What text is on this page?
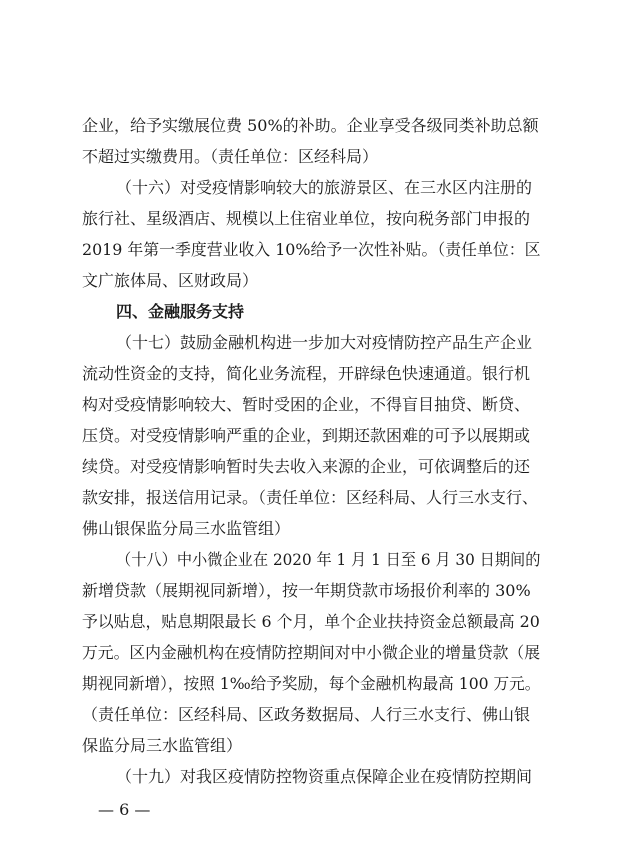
企业，给予实缴展位费 50%的补助。企业享受各级同类补助总额
不超过实缴费用。（责任单位：区经科局）
（十六）对受疫情影响较大的旅游景区、在三水区内注册的
旅行社、星级酒店、规模以上住宿业单位，按向税务部门申报的
2019 年第一季度营业收入 10%给予一次性补贴。（责任单位：区
文广旅体局、区财政局）
四、金融服务支持
（十七）鼓励金融机构进一步加大对疫情防控产品生产企业
流动性资金的支持，简化业务流程，开辟绿色快速通道。银行机
构对受疫情影响较大、暂时受困的企业，不得盲目抽贷、断贷、
压贷。对受疫情影响严重的企业，到期还款困难的可予以展期或
续贷。对受疫情影响暂时失去收入来源的企业，可依调整后的还
款安排，报送信用记录。（责任单位：区经科局、人行三水支行、
佛山银保监分局三水监管组）
（十八）中小微企业在 2020 年 1 月 1 日至 6 月 30 日期间的
新增贷款（展期视同新增），按一年期贷款市场报价利率的 30%
予以贴息，贴息期限最长 6 个月，单个企业扶持资金总额最高 20
万元。区内金融机构在疫情防控期间对中小微企业的增量贷款（展
期视同新增），按照 1‰给予奖励，每个金融机构最高 100 万元。
（责任单位：区经科局、区政务数据局、人行三水支行、佛山银
保监分局三水监管组）
（十九）对我区疫情防控物资重点保障企业在疫情防控期间
— 6 —
